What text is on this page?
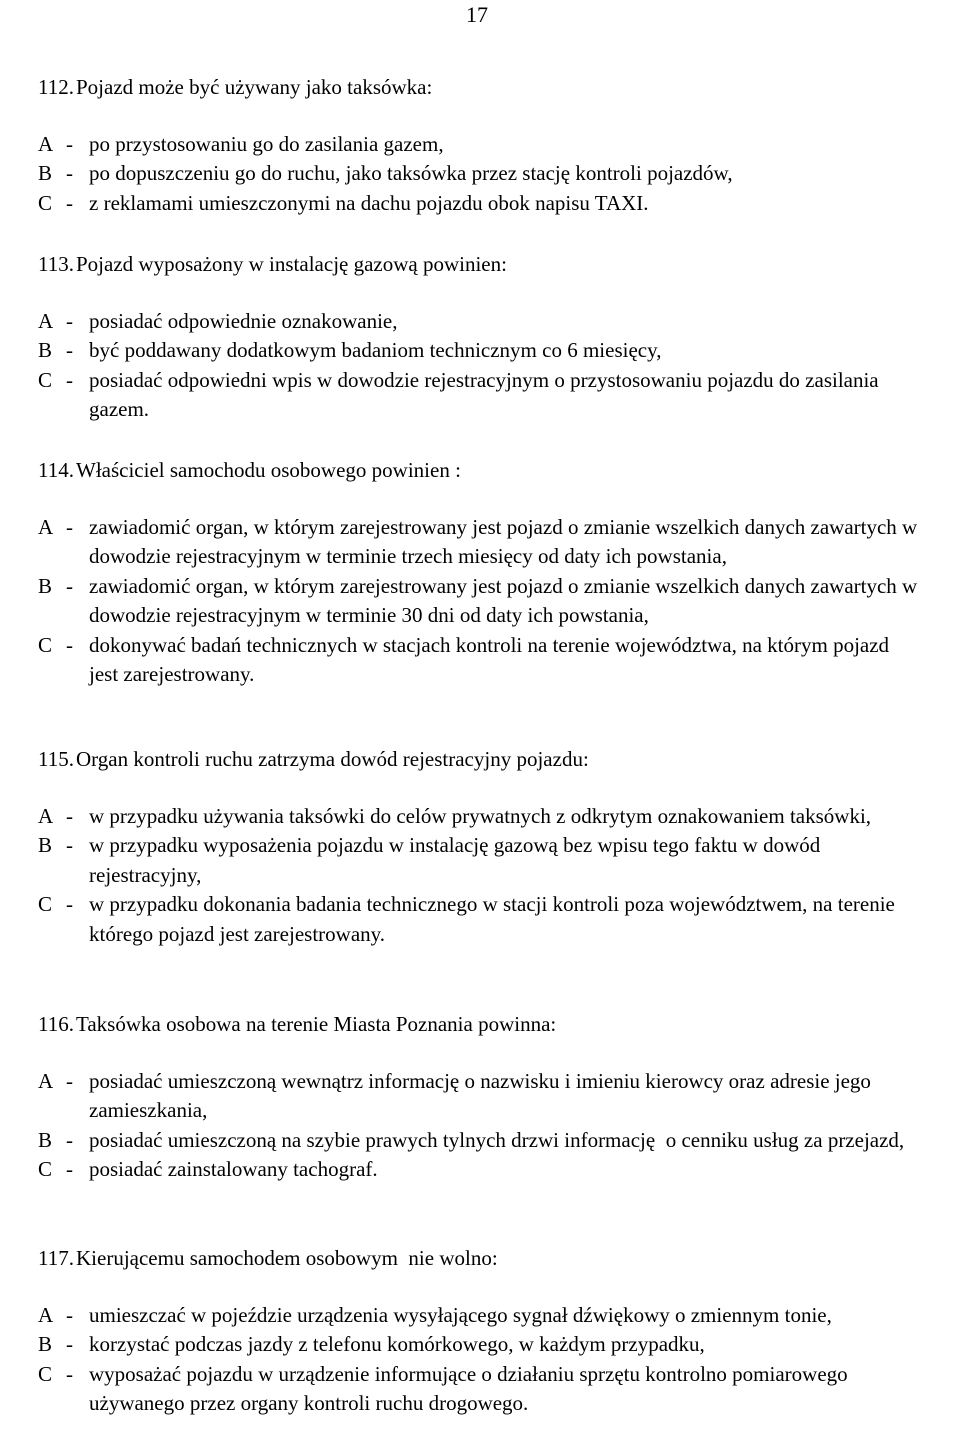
17
112. Pojazd może być używany jako taksówka:
A - po przystosowaniu go do zasilania gazem,
B - po dopuszczeniu go do ruchu, jako taksówka przez stację kontroli pojazdów,
C - z reklamami umieszczonymi na dachu pojazdu obok napisu TAXI.
113. Pojazd wyposażony w instalację gazową powinien:
A - posiadać odpowiednie oznakowanie,
B - być poddawany dodatkowym badaniom technicznym co 6 miesięcy,
C - posiadać odpowiedni wpis w dowodzie rejestracyjnym o przystosowaniu pojazdu do zasilania gazem.
114. Właściciel samochodu osobowego powinien :
A - zawiadomić organ, w którym zarejestrowany jest pojazd o zmianie wszelkich danych zawartych w dowodzie rejestracyjnym w terminie trzech miesięcy od daty ich powstania,
B - zawiadomić organ, w którym zarejestrowany jest pojazd o zmianie wszelkich danych zawartych w dowodzie rejestracyjnym w terminie 30 dni od daty ich powstania,
C - dokonywać badań technicznych w stacjach kontroli na terenie województwa, na którym pojazd jest zarejestrowany.
115. Organ kontroli ruchu zatrzyma dowód rejestracyjny pojazdu:
A - w przypadku używania taksówki do celów prywatnych z odkrytym oznakowaniem taksówki,
B - w przypadku wyposażenia pojazdu w instalację gazową bez wpisu tego faktu w dowód rejestracyjny,
C - w przypadku dokonania badania technicznego w stacji kontroli poza województwem, na terenie którego pojazd jest zarejestrowany.
116. Taksówka osobowa na terenie Miasta Poznania powinna:
A - posiadać umieszczoną wewnątrz informację o nazwisku i imieniu kierowcy oraz adresie jego zamieszkania,
B - posiadać umieszczoną na szybie prawych tylnych drzwi informację  o cenniku usług za przejazd,
C - posiadać zainstalowany tachograf.
117. Kierującemu samochodem osobowym  nie wolno:
A - umieszczać w pojeździe urządzenia wysyłającego sygnał dźwiękowy o zmiennym tonie,
B - korzystać podczas jazdy z telefonu komórkowego, w każdym przypadku,
C - wyposażać pojazdu w urządzenie informujące o działaniu sprzętu kontrolno pomiarowego używanego przez organy kontroli ruchu drogowego.
